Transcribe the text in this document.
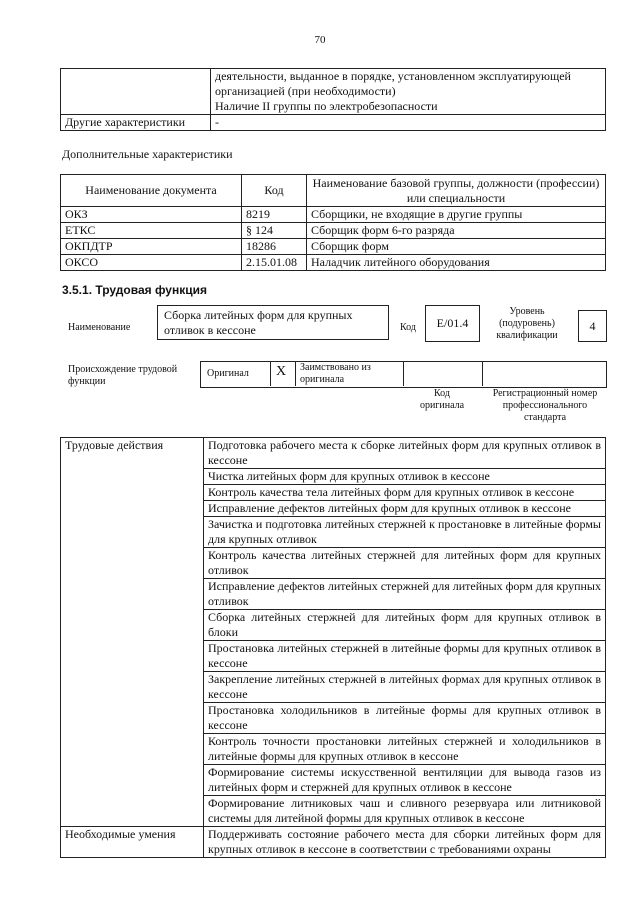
70

	деятельности, выданное в порядке, установленном эксплуатирующей организацией (при необходимости)
Наличие II группы по электробезопасности

Другие характеристики	-
Дополнительные характеристики
Наименование документа	Код	Наименование базовой группы, должности (профессии) или специальности
ОКЗ	8219	Сборщики, не входящие в другие группы
ЕТКС	§ 124	Сборщик форм 6-го разряда
ОКПДТР	18286	Сборщик форм
ОКСО	2.15.01.08	Наладчик литейного оборудования
3.5.1. Трудовая функция
Наименование
Сборка литейных форм для крупных отливок в кессоне	Код	E/01.4
Уровень (подуровень) квалификации
4
Происхождение трудовой функции
Оригинал X Заимствовано из оригинала
Код оригинала
Регистрационный номер профессионального стандарта
Трудовые действия	Подготовка рабочего места к сборке литейных форм для крупных отливок в кессоне
	Чистка литейных форм для крупных отливок в кессоне
	Контроль качества тела литейных форм для крупных отливок в кессоне
	Исправление дефектов литейных форм для крупных отливок в кессоне
	Зачистка и подготовка литейных стержней к простановке в литейные формы для крупных отливок
	Контроль качества литейных стержней для литейных форм для крупных отливок
	Исправление дефектов литейных стержней для литейных форм для крупных отливок
	Сборка литейных стержней для литейных форм для крупных отливок в блоки
	Простановка литейных стержней в литейные формы для крупных отливок в кессоне
	Закрепление литейных стержней в литейных формах для крупных отливок в кессоне
	Простановка холодильников в литейные формы для крупных отливок в кессоне
	Контроль точности простановки литейных стержней и холодильников в литейные формы для крупных отливок в кессоне
	Формирование системы искусственной вентиляции для вывода газов из литейных форм и стержней для крупных отливок в кессоне
	Формирование литниковых чаш и сливного резервуара или литниковой системы для литейной формы для крупных отливок в кессоне
Необходимые умения	Поддерживать состояние рабочего места для сборки литейных форм для крупных отливок в кессоне в соответствии с требованиями охраны
